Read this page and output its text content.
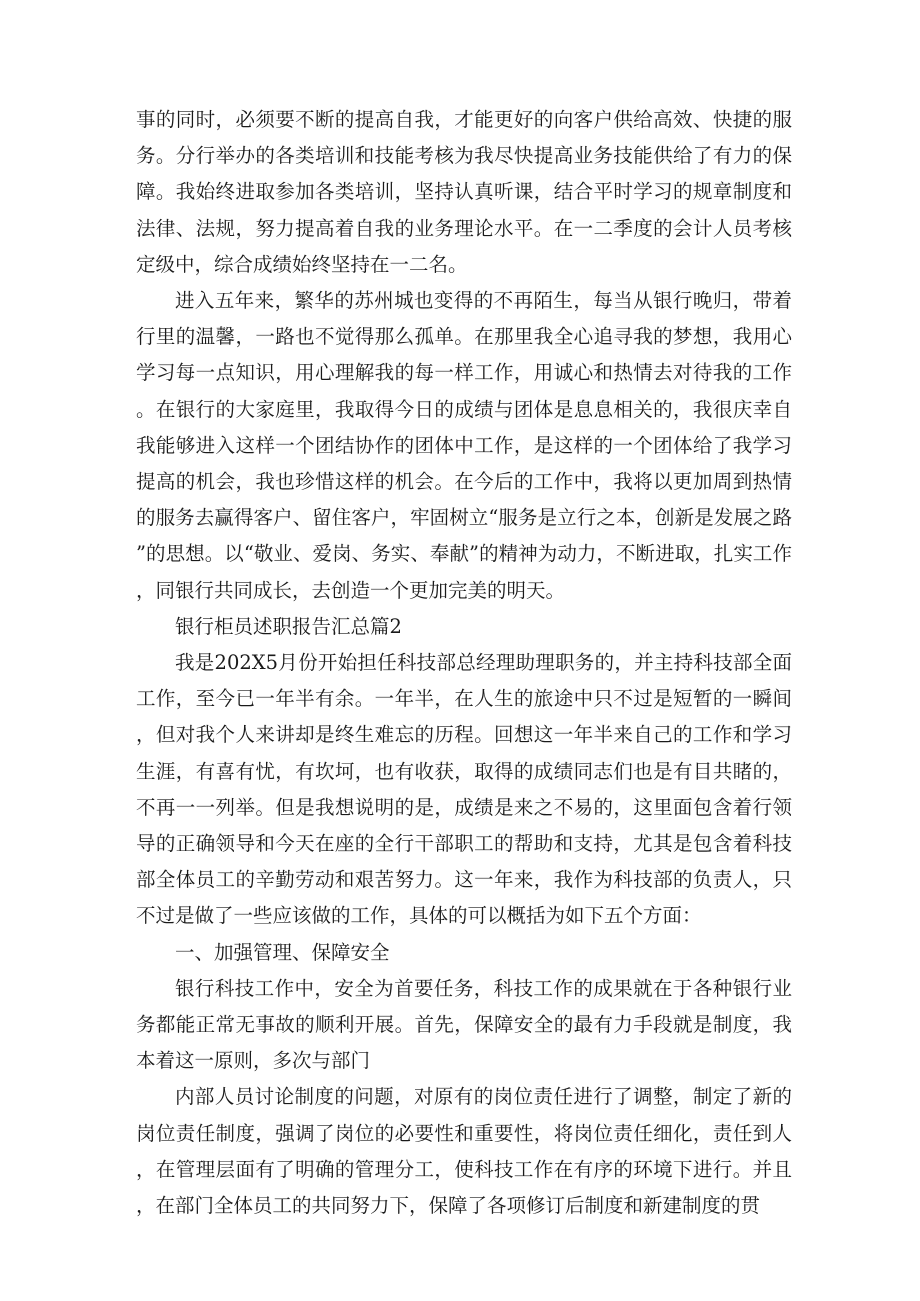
事的同时，必须要不断的提高自我，才能更好的向客户供给高效、快捷的服务。分行举办的各类培训和技能考核为我尽快提高业务技能供给了有力的保障。我始终进取参加各类培训，坚持认真听课，结合平时学习的规章制度和法律、法规，努力提高着自我的业务理论水平。在一二季度的会计人员考核定级中，综合成绩始终坚持在一二名。

进入五年来，繁华的苏州城也变得的不再陌生，每当从银行晚归，带着行里的温馨，一路也不觉得那么孤单。在那里我全心追寻我的梦想，我用心学习每一点知识，用心理解我的每一样工作，用诚心和热情去对待我的工作。在银行的大家庭里，我取得今日的成绩与团体是息息相关的，我很庆幸自我能够进入这样一个团结协作的团体中工作，是这样的一个团体给了我学习提高的机会，我也珍惜这样的机会。在今后的工作中，我将以更加周到热情的服务去赢得客户、留住客户，牢固树立“服务是立行之本，创新是发展之路”的思想。以“敬业、爱岗、务实、奉献”的精神为动力，不断进取，扎实工作，同银行共同成长，去创造一个更加完美的明天。

银行柜员述职报告汇总篇2

我是202X5月份开始担任科技部总经理助理职务的，并主持科技部全面工作，至今已一年半有余。一年半，在人生的旅途中只不过是短暂的一瞬间，但对我个人来讲却是终生难忘的历程。回想这一年半来自己的工作和学习生涯，有喜有忧，有坎坷，也有收获，取得的成绩同志们也是有目共睹的，不再一一列举。但是我想说明的是，成绩是来之不易的，这里面包含着行领导的正确领导和今天在座的全行干部职工的帮助和支持，尤其是包含着科技部全体员工的辛勤劳动和艰苦努力。这一年来，我作为科技部的负责人，只不过是做了一些应该做的工作，具体的可以概括为如下五个方面：

一、加强管理、保障安全

银行科技工作中，安全为首要任务，科技工作的成果就在于各种银行业务都能正常无事故的顺利开展。首先，保障安全的最有力手段就是制度，我本着这一原则，多次与部门

内部人员讨论制度的问题，对原有的岗位责任进行了调整，制定了新的岗位责任制度，强调了岗位的必要性和重要性，将岗位责任细化，责任到人，在管理层面有了明确的管理分工，使科技工作在有序的环境下进行。并且，在部门全体员工的共同努力下，保障了各项修订后制度和新建制度的贯
